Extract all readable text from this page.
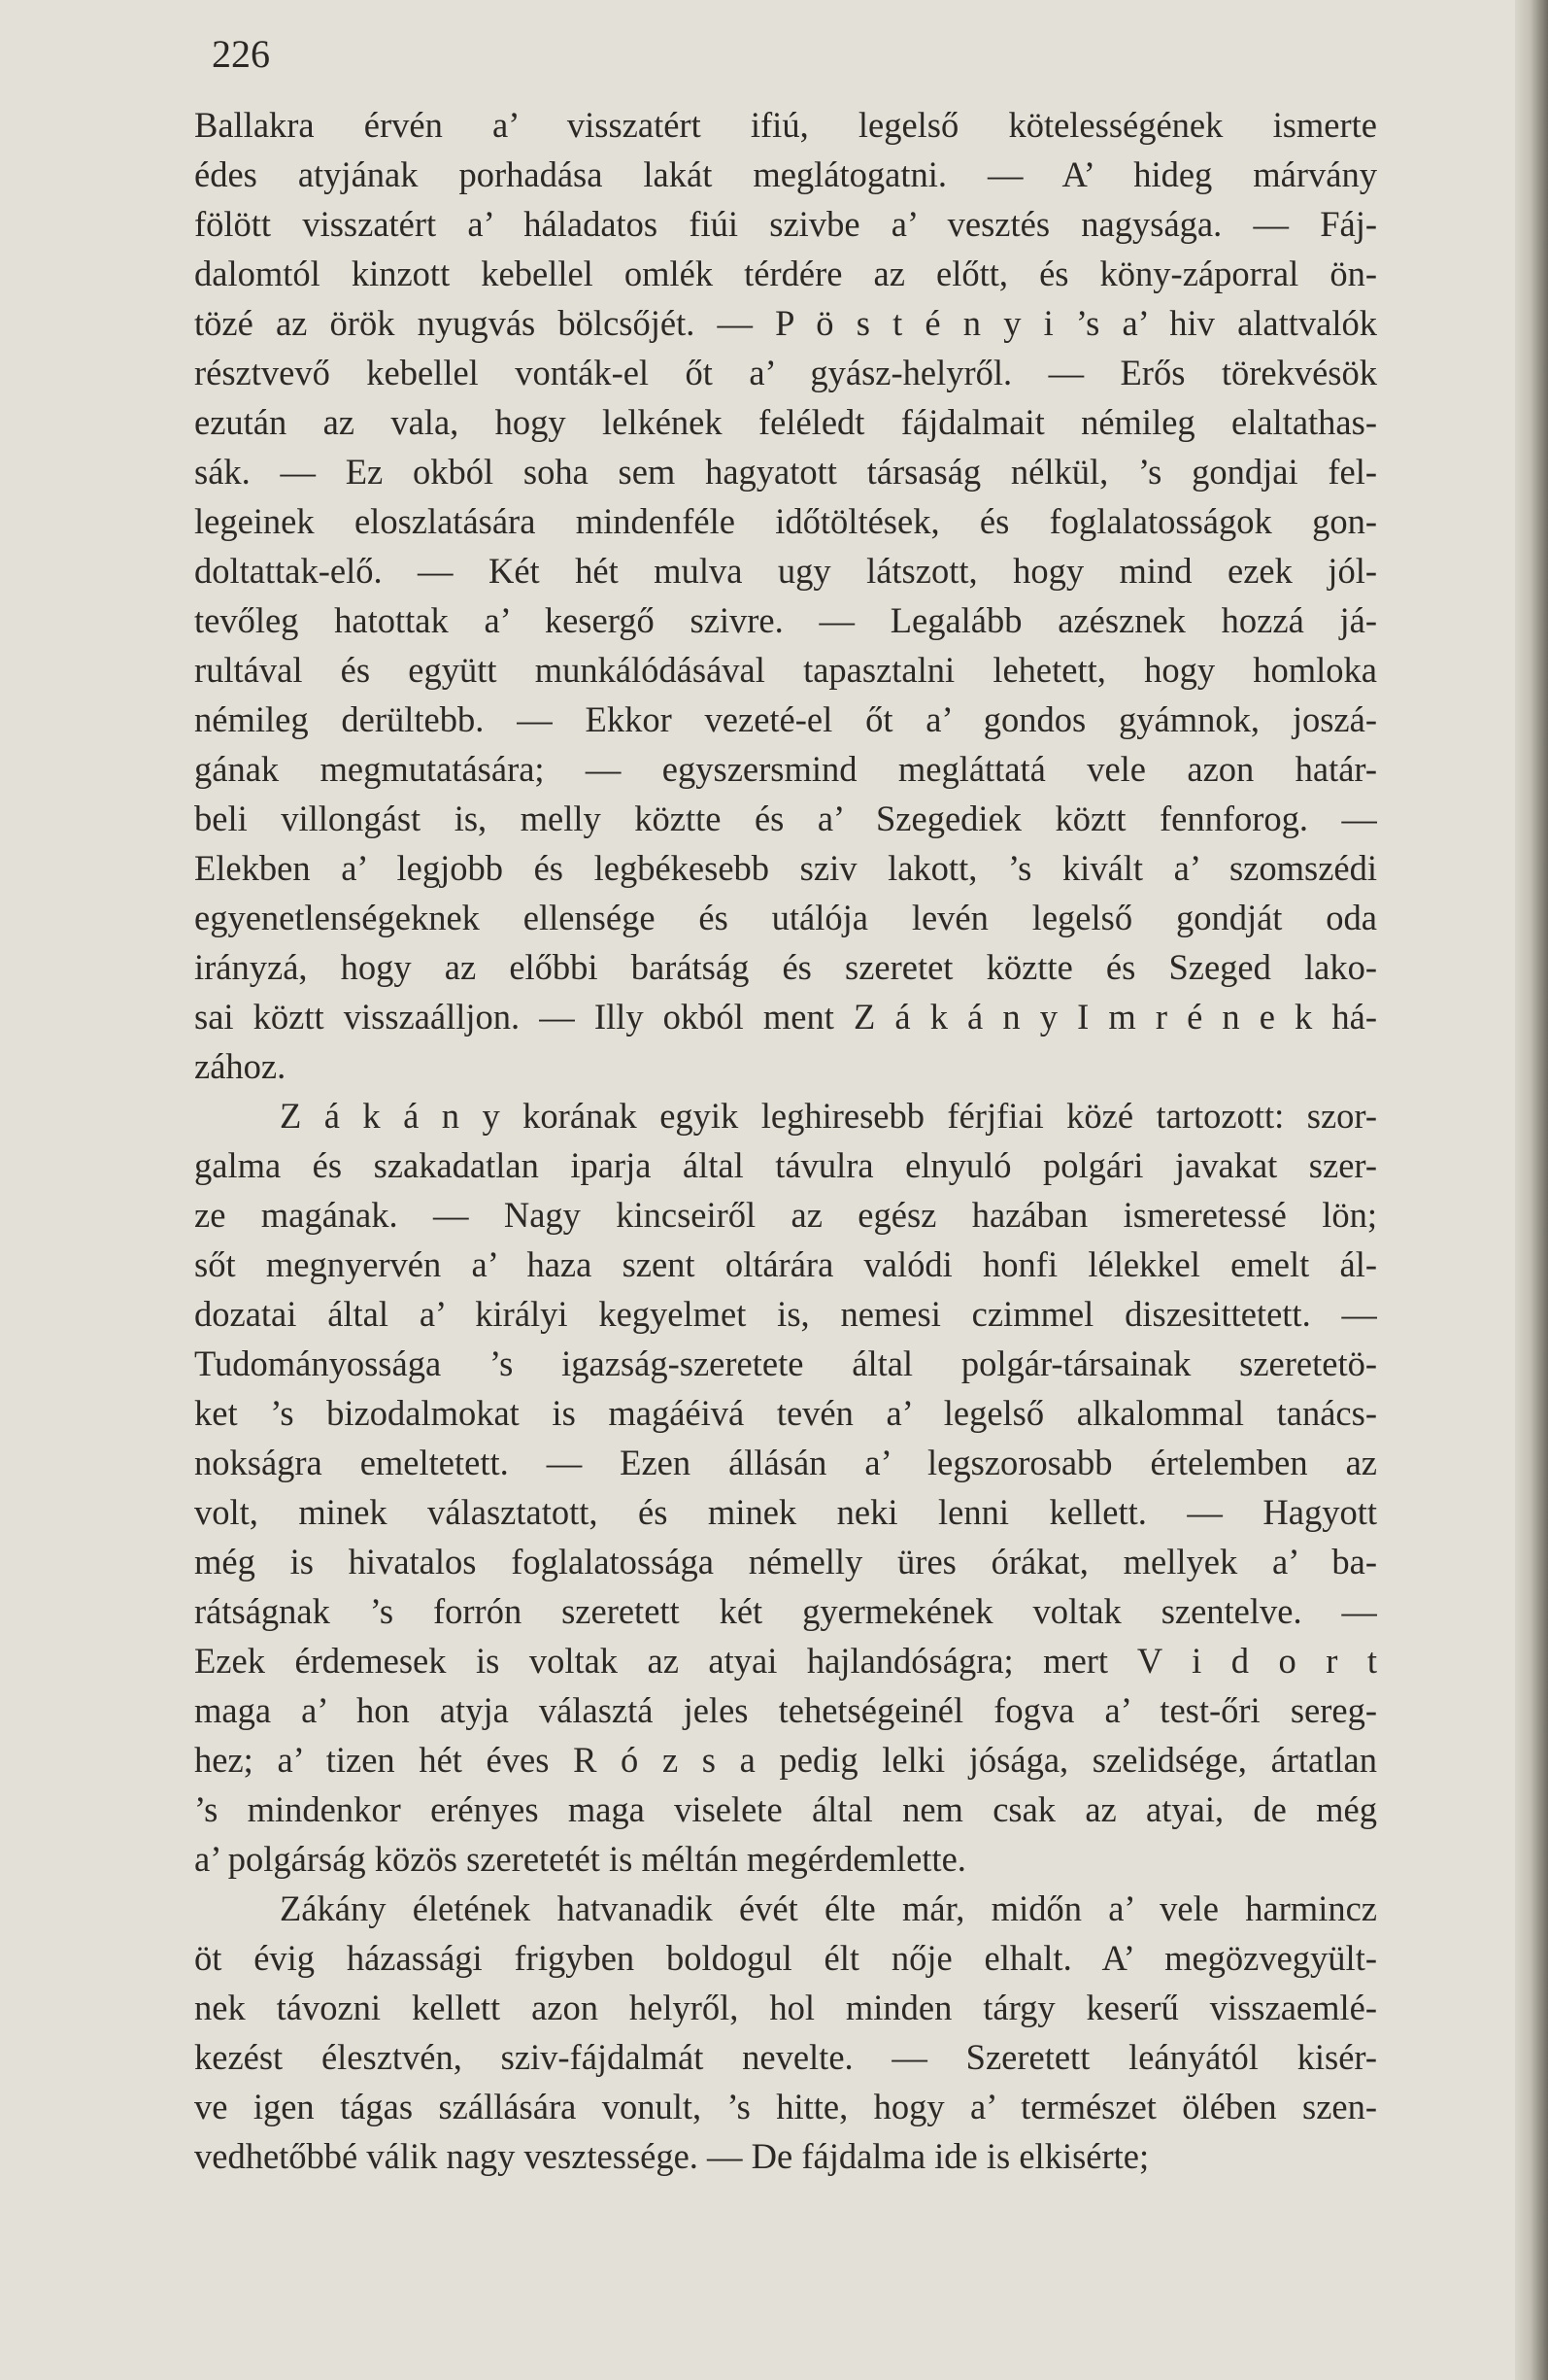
226
Ballakra érvén a’ visszatért ifiú, legelső kötelességének ismerte
édes atyjának porhadása lakát meglátogatni. — A’ hideg márvány
fölött visszatért a’ háladatos fiúi szivbe a’ vesztés nagysága. — Fáj-
dalomtól kinzott kebellel omlék térdére az előtt, és köny-záporral ön-
tözé az örök nyugvás bölcsőjét. — P ö s t é n y i ’s a’ hiv alattvalók
résztvevő kebellel vonták-el őt a’ gyász-helyről. — Erős törekvésök
ezután az vala, hogy lelkének feléledt fájdalmait némileg elaltathas-
sák. — Ez okból soha sem hagyatott társaság nélkül, ’s gondjai fel-
legeinek eloszlatására mindenféle időtöltések, és foglalatosságok gon-
doltattak-elő. — Két hét mulva ugy látszott, hogy mind ezek jól-
tevőleg hatottak a’ kesergő szivre. — Legalább azésznek hozzá já-
rultával és együtt munkálódásával tapasztalni lehetett, hogy homloka
némileg derültebb. — Ekkor vezeté-el őt a’ gondos gyámnok, joszá-
gának megmutatására; — egyszersmind megláttatá vele azon határ-
beli villongást is, melly köztte és a’ Szegediek köztt fennforog. —
Elekben a’ legjobb és legbékesebb sziv lakott, ’s kivált a’ szomszédi
egyenetlenségeknek ellensége és utálója levén legelső gondját oda
irányzá, hogy az előbbi barátság és szeretet köztte és Szeged lako-
sai köztt visszaálljon. — Illy okból ment Z á k á n y I m r é n e k há-
zához.
Z á k á n y korának egyik leghiresebb férjfiai közé tartozott: szor-
galma és szakadatlan iparja által távulra elnyuló polgári javakat szer-
ze magának. — Nagy kincseiről az egész hazában ismeretessé lön;
sőt megnyervén a’ haza szent oltárára valódi honfi lélekkel emelt ál-
dozatai által a’ királyi kegyelmet is, nemesi czimmel diszesittetett. —
Tudományossága ’s igazság-szeretete által polgár-társainak szeretetö-
ket ’s bizodalmokat is magáéivá tevén a’ legelső alkalommal tanács-
nokságra emeltetett. — Ezen állásán a’ legszorosabb értelemben az
volt, minek választatott, és minek neki lenni kellett. — Hagyott
még is hivatalos foglalatossága némelly üres órákat, mellyek a’ ba-
rátságnak ’s forrón szeretett két gyermekének voltak szentelve. —
Ezek érdemesek is voltak az atyai hajlandóságra; mert V i d o r t
maga a’ hon atyja választá jeles tehetségeinél fogva a’ test-őri sereg-
hez; a’ tizen hét éves R ó z s a pedig lelki jósága, szelidsége, ártatlan
’s mindenkor erényes maga viselete által nem csak az atyai, de még
a’ polgárság közös szeretetét is méltán megérdemlette.
Zákány életének hatvanadik évét élte már, midőn a’ vele harmincz
öt évig házassági frigyben boldogul élt nője elhalt. A’ megözvegyült-
nek távozni kellett azon helyről, hol minden tárgy keserű visszaemlé-
kezést élesztvén, sziv-fájdalmát nevelte. — Szeretett leányától kisér-
ve igen tágas szállására vonult, ’s hitte, hogy a’ természet ölében szen-
vedhetőbbé válik nagy vesztessége. — De fájdalma ide is elkisérte;
